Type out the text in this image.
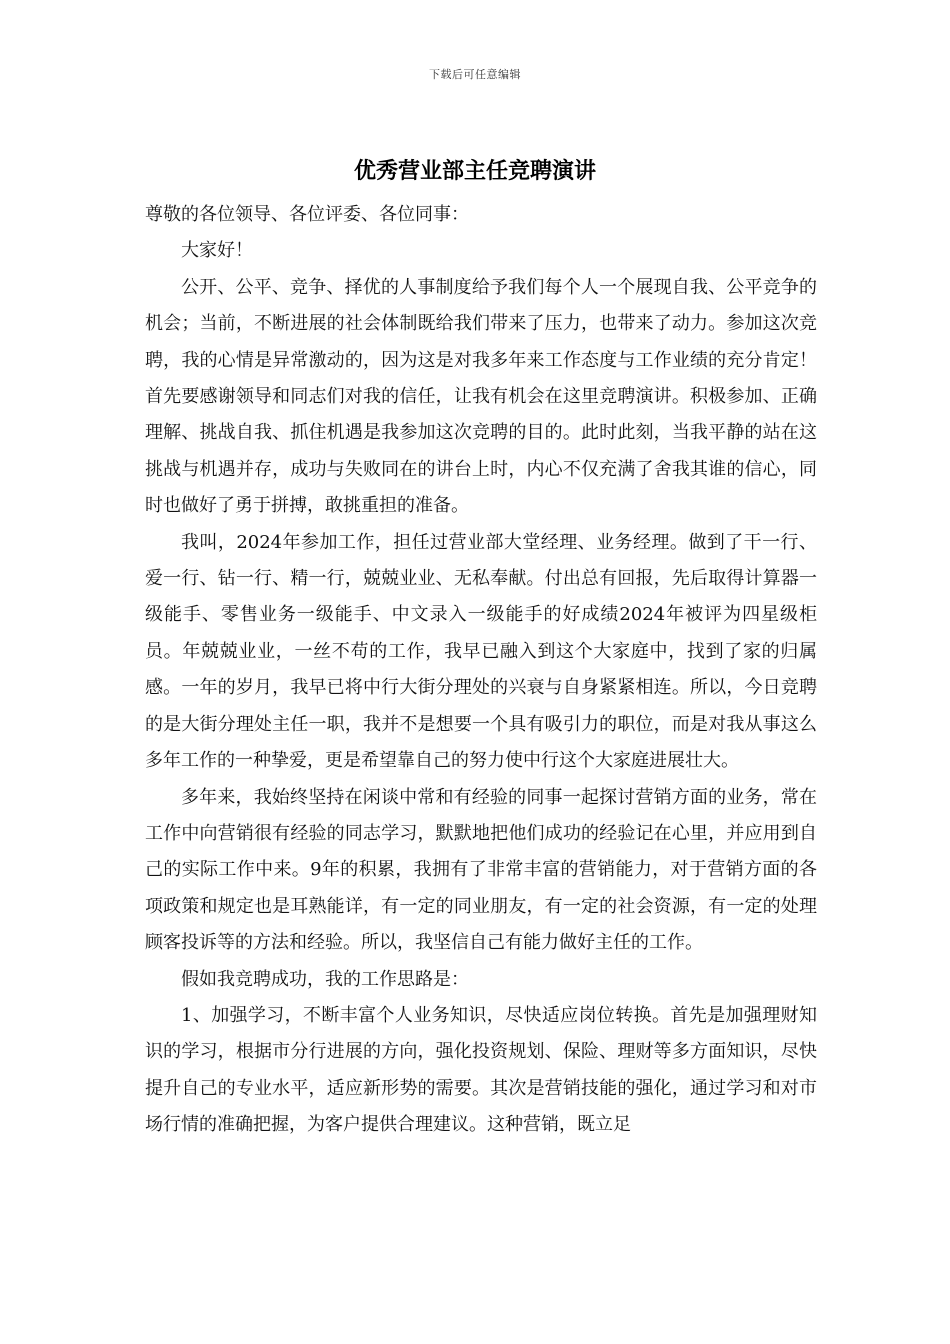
下载后可任意编辑
优秀营业部主任竞聘演讲

尊敬的各位领导、各位评委、各位同事：

大家好！

公开、公平、竞争、择优的人事制度给予我们每个人一个展现自我、公平竞争的机会；当前，不断进展的社会体制既给我们带来了压力，也带来了动力。参加这次竞聘，我的心情是异常激动的，因为这是对我多年来工作态度与工作业绩的充分肯定！首先要感谢领导和同志们对我的信任，让我有机会在这里竞聘演讲。积极参加、正确理解、挑战自我、抓住机遇是我参加这次竞聘的目的。此时此刻，当我平静的站在这挑战与机遇并存，成功与失败同在的讲台上时，内心不仅充满了舍我其谁的信心，同时也做好了勇于拼搏，敢挑重担的准备。

我叫，2024年参加工作，担任过营业部大堂经理、业务经理。做到了干一行、爱一行、钻一行、精一行，兢兢业业、无私奉献。付出总有回报，先后取得计算器一级能手、零售业务一级能手、中文录入一级能手的好成绩2024年被评为四星级柜员。年兢兢业业，一丝不苟的工作，我早已融入到这个大家庭中，找到了家的归属感。一年的岁月，我早已将中行大街分理处的兴衰与自身紧紧相连。所以，今日竞聘的是大街分理处主任一职，我并不是想要一个具有吸引力的职位，而是对我从事这么多年工作的一种挚爱，更是希望靠自己的努力使中行这个大家庭进展壮大。

多年来，我始终坚持在闲谈中常和有经验的同事一起探讨营销方面的业务，常在工作中向营销很有经验的同志学习，默默地把他们成功的经验记在心里，并应用到自己的实际工作中来。9年的积累，我拥有了非常丰富的营销能力，对于营销方面的各项政策和规定也是耳熟能详，有一定的同业朋友，有一定的社会资源，有一定的处理顾客投诉等的方法和经验。所以，我坚信自己有能力做好主任的工作。

假如我竞聘成功，我的工作思路是：

1、加强学习，不断丰富个人业务知识，尽快适应岗位转换。首先是加强理财知识的学习，根据市分行进展的方向，强化投资规划、保险、理财等多方面知识，尽快提升自己的专业水平，适应新形势的需要。其次是营销技能的强化，通过学习和对市场行情的准确把握，为客户提供合理建议。这种营销，既立足
